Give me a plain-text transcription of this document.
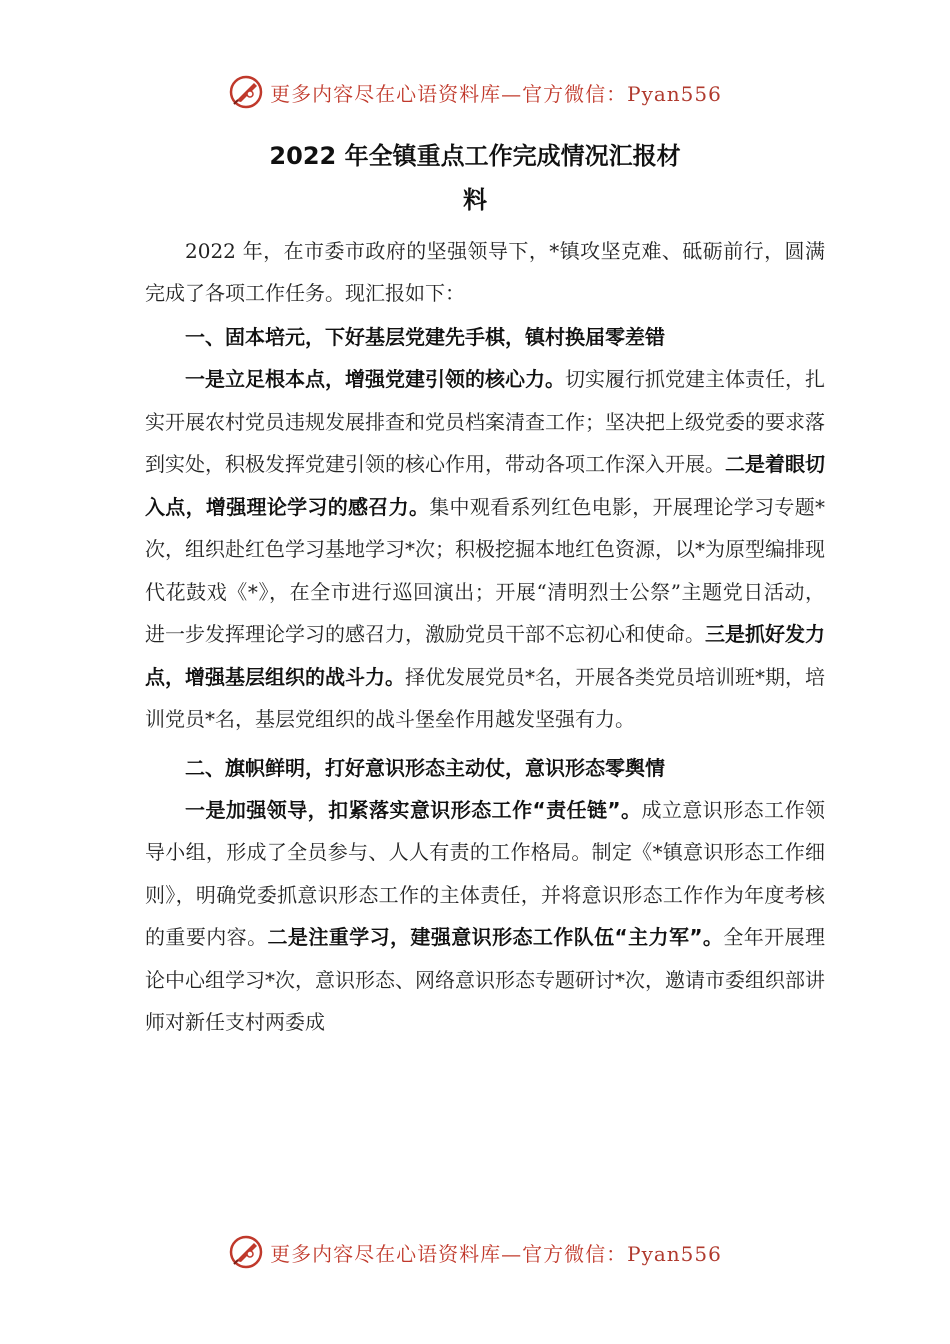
更多内容尽在心语资料库—官方微信：Pyan556
2022 年全镇重点工作完成情况汇报材
料

2022 年，在市委市政府的坚强领导下，*镇攻坚克难、砥砺前行，圆满完成了各项工作任务。现汇报如下：

一、固本培元，下好基层党建先手棋，镇村换届零差错

一是立足根本点，增强党建引领的核心力。切实履行抓党建主体责任，扎实开展农村党员违规发展排查和党员档案清查工作；坚决把上级党委的要求落到实处，积极发挥党建引领的核心作用，带动各项工作深入开展。二是着眼切入点，增强理论学习的感召力。集中观看系列红色电影，开展理论学习专题*次，组织赴红色学习基地学习*次；积极挖掘本地红色资源，以*为原型编排现代花鼓戏《*》，在全市进行巡回演出；开展“清明烈士公祭”主题党日活动，进一步发挥理论学习的感召力，激励党员干部不忘初心和使命。三是抓好发力点，增强基层组织的战斗力。择优发展党员*名，开展各类党员培训班*期，培训党员*名，基层党组织的战斗堡垒作用越发坚强有力。

二、旗帜鲜明，打好意识形态主动仗，意识形态零舆情

一是加强领导，扣紧落实意识形态工作“责任链”。成立意识形态工作领导小组，形成了全员参与、人人有责的工作格局。制定《*镇意识形态工作细则》，明确党委抓意识形态工作的主体责任，并将意识形态工作作为年度考核的重要内容。二是注重学习，建强意识形态工作队伍“主力军”。全年开展理论中心组学习*次，意识形态、网络意识形态专题研讨*次，邀请市委组织部讲师对新任支村两委成

更多内容尽在心语资料库—官方微信：Pyan556
